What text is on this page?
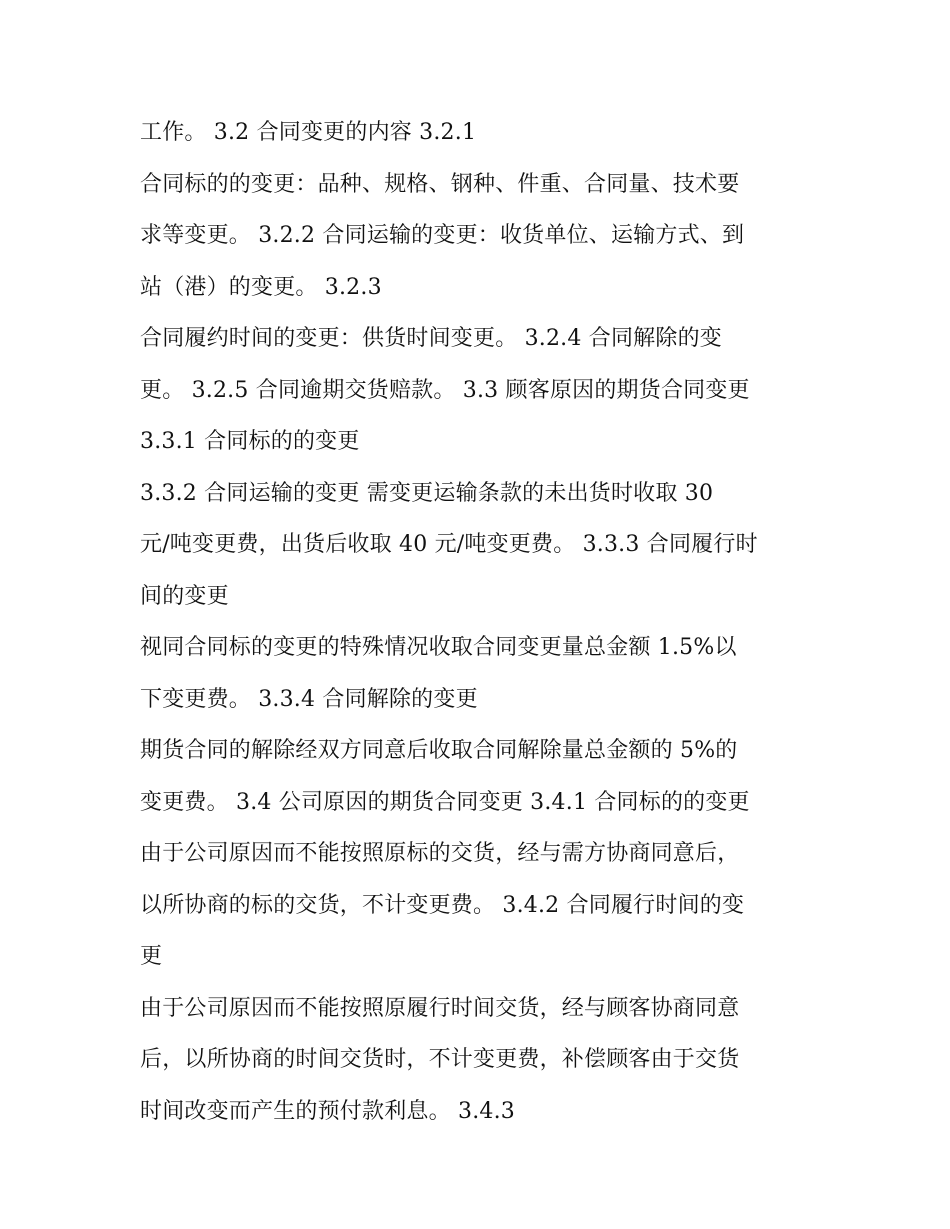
工作。 3.2 合同变更的内容 3.2.1
合同标的的变更：品种、规格、钢种、件重、合同量、技术要
求等变更。 3.2.2 合同运输的变更：收货单位、运输方式、到
站（港）的变更。 3.2.3
合同履约时间的变更：供货时间变更。 3.2.4 合同解除的变
更。 3.2.5 合同逾期交货赔款。 3.3 顾客原因的期货合同变更
3.3.1 合同标的的变更
3.3.2 合同运输的变更 需变更运输条款的未出货时收取 30
元/吨变更费，出货后收取 40 元/吨变更费。 3.3.3 合同履行时
间的变更
视同合同标的变更的特殊情况收取合同变更量总金额 1.5%以
下变更费。 3.3.4 合同解除的变更
期货合同的解除经双方同意后收取合同解除量总金额的 5%的
变更费。 3.4 公司原因的期货合同变更 3.4.1 合同标的的变更
由于公司原因而不能按照原标的交货，经与需方协商同意后，
以所协商的标的交货，不计变更费。 3.4.2 合同履行时间的变
更
由于公司原因而不能按照原履行时间交货，经与顾客协商同意
后，以所协商的时间交货时，不计变更费，补偿顾客由于交货
时间改变而产生的预付款利息。 3.4.3
